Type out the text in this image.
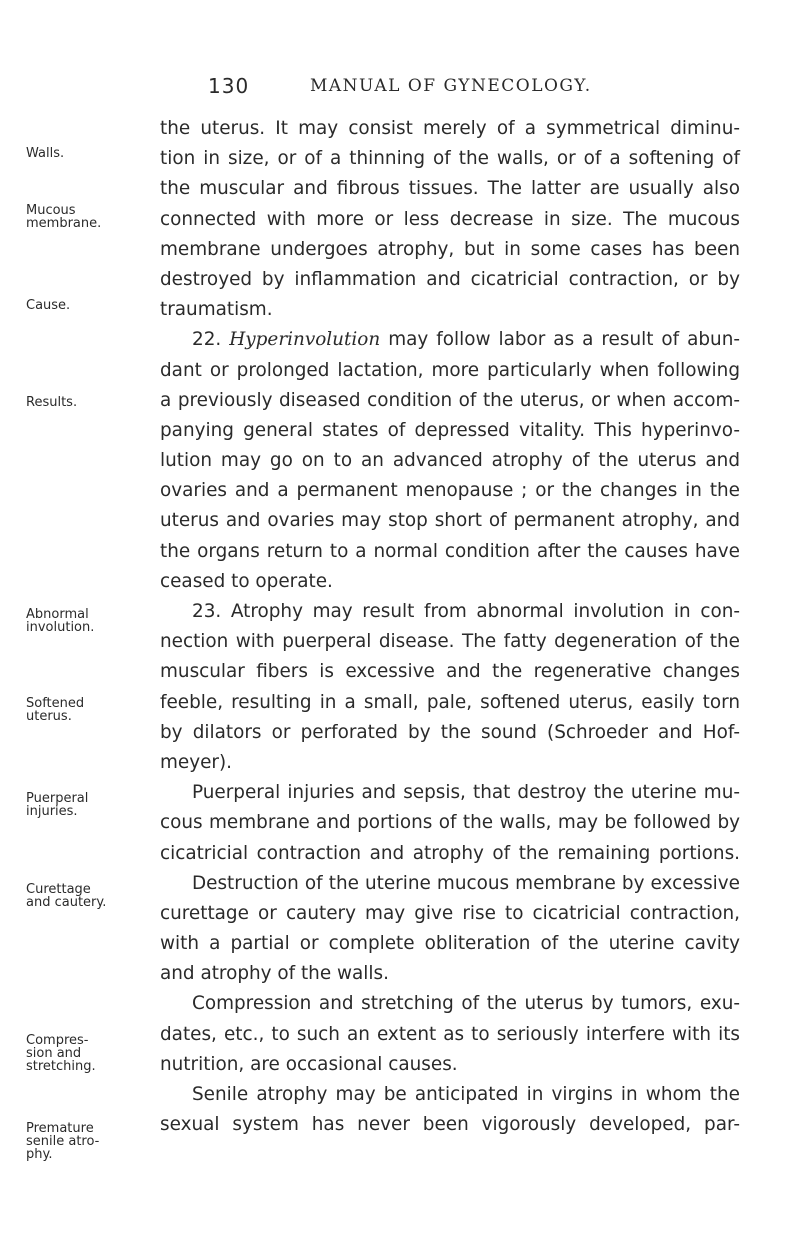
130	MANUAL OF GYNECOLOGY.
Walls.
Mucous
membrane.
Cause.
Results.
Abnormal
involution.
Softened
uterus.
Puerperal
injuries.
Curettage
and cautery.
Compres-
sion and
stretching.
Premature
senile atro-
phy.
the uterus. It may consist merely of a symmetrical diminu-
tion in size, or of a thinning of the walls, or of a softening of
the muscular and fibrous tissues. The latter are usually also
connected with more or less decrease in size. The mucous
membrane undergoes atrophy, but in some cases has been
destroyed by inflammation and cicatricial contraction, or by
traumatism.
22. Hyperinvolution may follow labor as a result of abun-
dant or prolonged lactation, more particularly when following
a previously diseased condition of the uterus, or when accom-
panying general states of depressed vitality. This hyperinvo-
lution may go on to an advanced atrophy of the uterus and
ovaries and a permanent menopause ; or the changes in the
uterus and ovaries may stop short of permanent atrophy, and
the organs return to a normal condition after the causes have
ceased to operate.
23. Atrophy may result from abnormal involution in con-
nection with puerperal disease. The fatty degeneration of the
muscular fibers is excessive and the regenerative changes
feeble, resulting in a small, pale, softened uterus, easily torn
by dilators or perforated by the sound (Schroeder and Hof-
meyer).
Puerperal injuries and sepsis, that destroy the uterine mu-
cous membrane and portions of the walls, may be followed by
cicatricial contraction and atrophy of the remaining portions.
Destruction of the uterine mucous membrane by excessive
curettage or cautery may give rise to cicatricial contraction,
with a partial or complete obliteration of the uterine cavity
and atrophy of the walls.
Compression and stretching of the uterus by tumors, exu-
dates, etc., to such an extent as to seriously interfere with its
nutrition, are occasional causes.
Senile atrophy may be anticipated in virgins in whom the
sexual system has never been vigorously developed, par-
